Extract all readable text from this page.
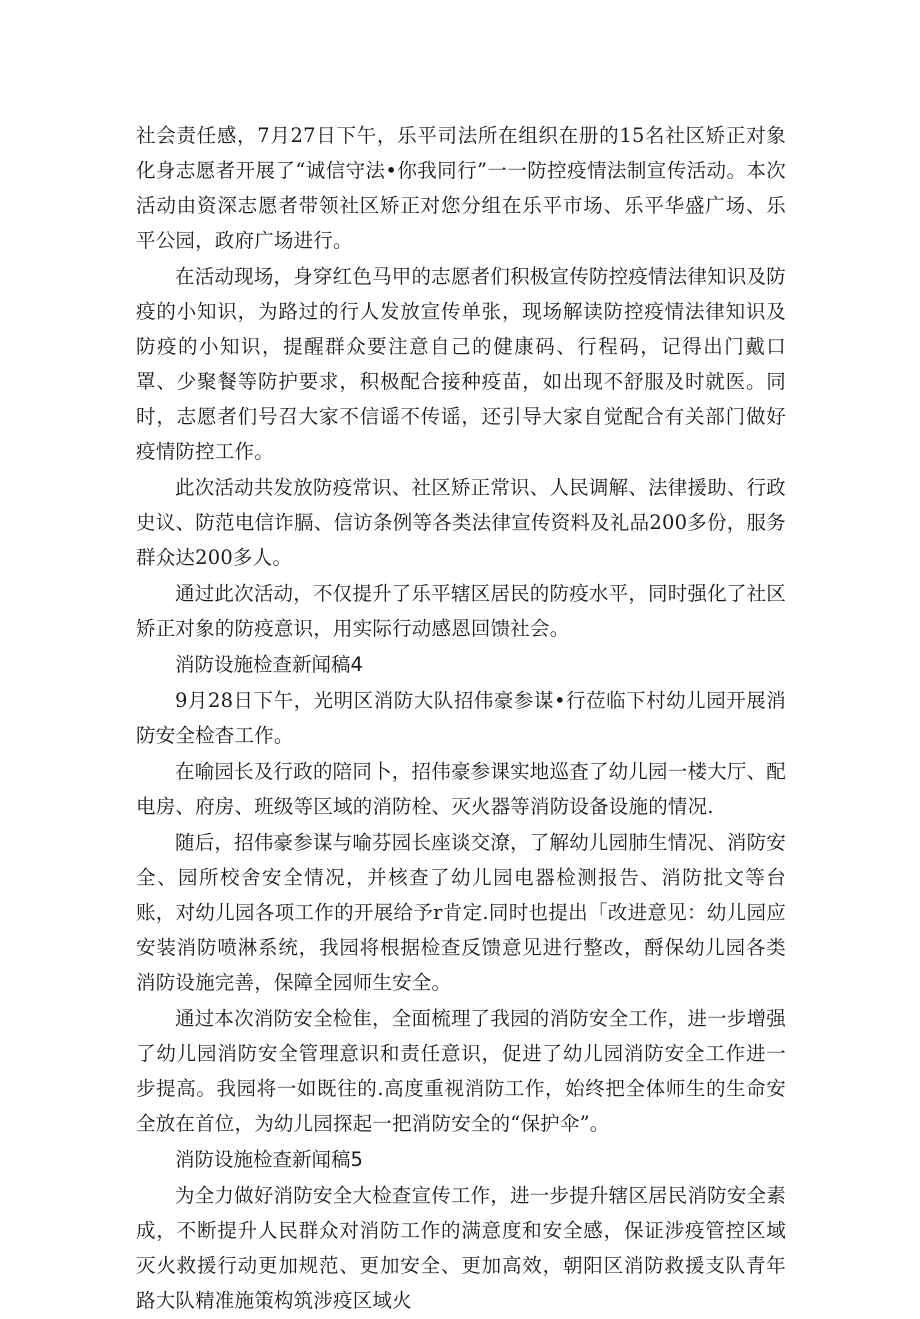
社会责任感，7月27日下午，乐平司法所在组织在册的15名社区矫正对象化身志愿者开展了“诚信守法•你我同行”一一防控疫情法制宣传活动。本次活动由资深志愿者带领社区矫正对您分组在乐平市场、乐平华盛广场、乐平公园，政府广场进行。

在活动现场，身穿红色马甲的志愿者们积极宣传防控疫情法律知识及防疫的小知识，为路过的行人发放宣传单张，现场解读防控疫情法律知识及防疫的小知识，提醒群众要注意自己的健康码、行程码，记得出门戴口罩、少聚餐等防护要求，积极配合接种疫苗，如出现不舒服及时就医。同时，志愿者们号召大家不信谣不传谣，还引导大家自觉配合有关部门做好疫情防控工作。

此次活动共发放防疫常识、社区矫正常识、人民调解、法律援助、行政史议、防范电信诈膈、信访条例等各类法律宣传资料及礼品200多份，服务群众达200多人。

通过此次活动，不仅提升了乐平辖区居民的防疫水平，同时强化了社区矫正对象的防疫意识，用实际行动感恩回馈社会。

消防设施检查新闻稿4

9月28日下午，光明区消防大队招伟豪参谋•行莅临下村幼儿园开展消防安全检杳工作。

在喻园长及行政的陪同卜，招伟豪参课实地巡査了幼儿园一楼大厅、配电房、府房、班级等区域的消防栓、灭火器等消防设备设施的情况.

随后，招伟豪参谋与喻芬园长座谈交潦，了解幼儿园肺生情况、消防安全、园所校舍安全情况，并核查了幼儿园电器检测报告、消防批文等台账，对幼儿园各项工作的开展给予r肯定.同时也提出「改进意见：幼儿园应安装消防喷淋系统，我园将根据检查反馈意见进行整改，酹保幼儿园各类消防设施完善，保障全园师生安全。

通过本次消防安全检隹，全面梳理了我园的消防安全工作，进一步增强了幼儿园消防安全管理意识和责任意识，促进了幼儿园消防安全工作进一步提高。我园将一如既往的.高度重视消防工作，始终把全体师生的生命安全放在首位，为幼儿园探起一把消防安全的“保护伞”。

消防设施检查新闻稿5

为全力做好消防安全大检查宣传工作，进一步提升辖区居民消防安全素成，不断提升人民群众对消防工作的满意度和安全感，保证涉疫管控区域灭火救援行动更加规范、更加安全、更加高效，朝阳区消防救援支队青年路大队精准施策构筑涉疫区域火
